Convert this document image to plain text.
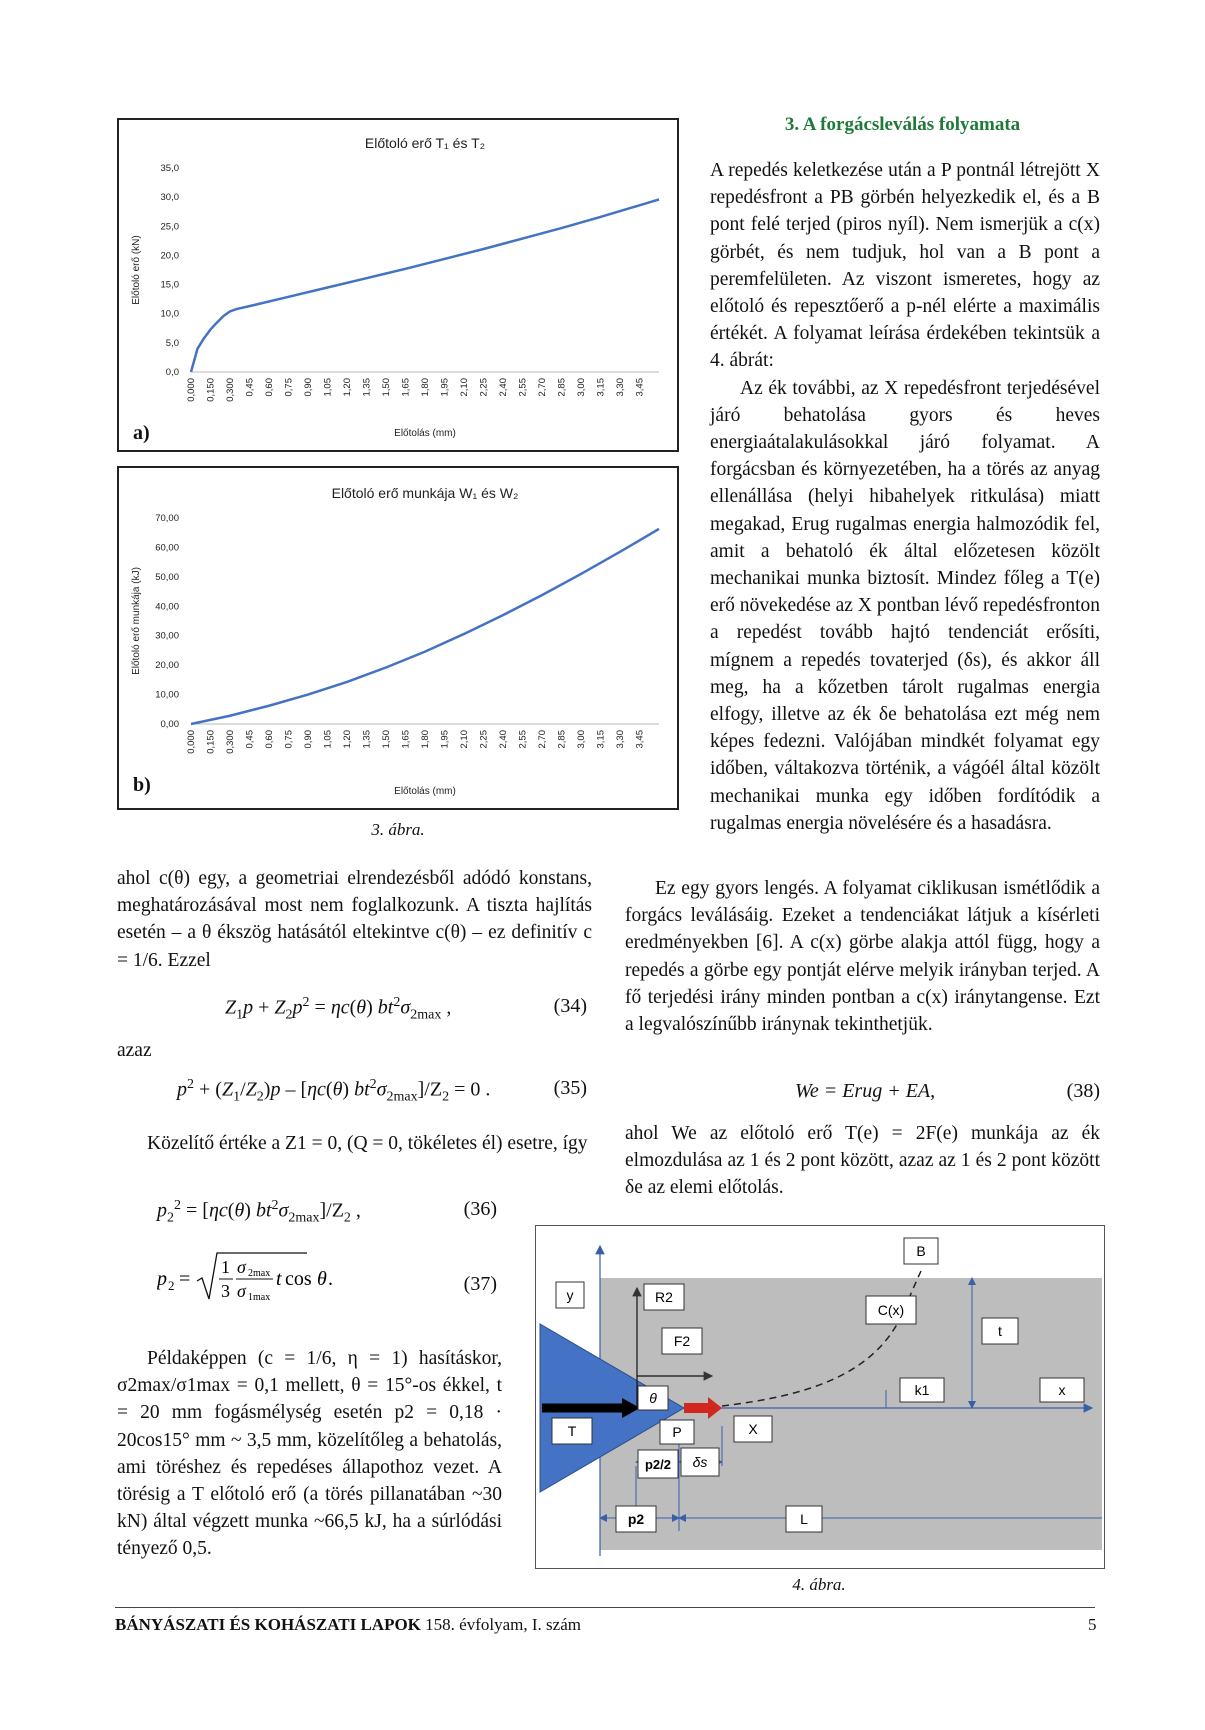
Előtoló erő T₁ és T₂
0,0
5,0
10,0
15,0
20,0
25,0
30,0
35,0
Előtoló erő (kN)
0,000 0,150 0,300 0,45 0,60 0,75 0,90 1,05 1,20 1,35 1,50 1,65 1,80 1,95 2,10 2,25 2,40 2,55 2,70 2,85 3,00 3,15 3,30 3,45
Előtolás (mm)
a)
Előtoló erő munkája W₁ és W₂
0,00
10,00
20,00
30,00
40,00
50,00
60,00
70,00
Előtoló erő munkája (kJ)
0,000 0,150 0,300 0,45 0,60 0,75 0,90 1,05 1,20 1,35 1,50 1,65 1,80 1,95 2,10 2,25 2,40 2,55 2,70 2,85 3,00 3,15 3,30 3,45
Előtolás (mm)
b)
3. ábra.
3. A forgácsleválás folyamata

A repedés keletkezése után a P pontnál létrejött X repedésfront a PB görbén helyezkedik el, és a B pont felé terjed (piros nyíl). Nem ismerjük a c(x) görbét, és nem tudjuk, hol van a B pont a peremfelületen. Az viszont ismeretes, hogy az előtoló és repesztőerő a p-nél elérte a maximális értékét. A folyamat leírása érdekében tekintsük a 4. ábrát:

Az ék további, az X repedésfront terjedésével járó behatolása gyors és heves energiaátalakulásokkal járó folyamat. A forgácsban és környezetében, ha a törés az anyag ellenállása (helyi hibahelyek ritkulása) miatt megakad, Erug rugalmas energia halmozódik fel, amit a behatoló ék által előzetesen közölt mechanikai munka biztosít. Mindez főleg a T(e) erő növekedése az X pontban lévő repedésfronton a repedést tovább hajtó tendenciát erősíti, mígnem a repedés tovaterjed (δs), és akkor áll meg, ha a kőzetben tárolt rugalmas energia elfogy, illetve az ék δe behatolása ezt még nem képes fedezni. Valójában mindkét folyamat egy időben, váltakozva történik, a vágóél által közölt mechanikai munka egy időben fordítódik a rugalmas energia növelésére és a hasadásra.

Ez egy gyors lengés. A folyamat ciklikusan ismétlődik a forgács leválásáig. Ezeket a tendenciákat látjuk a kísérleti eredményekben [6]. A c(x) görbe alakja attól függ, hogy a repedés a görbe egy pontját elérve melyik irányban terjed. A fő terjedési irány minden pontban a c(x) iránytangense. Ezt a legvalószínűbb iránynak tekinthetjük.

We = Erug + EA,	(38)

ahol We az előtoló erő T(e) = 2F(e) munkája az ék elmozdulása az 1 és 2 pont között, azaz az 1 és 2 pont között δe az elemi előtolás.

ahol c(θ) egy, a geometriai elrendezésből adódó konstans, meghatározásával most nem foglalkozunk. A tiszta hajlítás esetén – a θ ékszög hatásától eltekintve c(θ) – ez definitív c = 1/6. Ezzel

$Z_1p + Z_2p^2 = \eta c(\theta)$ $bt^2\sigma_{2max}$ ,	(34)
azaz
$p^2 + (Z_1/Z_2)p - [\eta c(\theta) bt^2\sigma_{2max}]/Z_2 = 0$ .	(35)

Közelítő értéke a Z1 = 0, (Q = 0, tökéletes él) esetre, így

$p_2^2 = [\eta c(\theta)$ $bt^2\sigma_{2max}]/Z_2$ ,	(36)
p 2 =
1
3
σ 2max
σ 1max
t cos θ .	(37)

Példaképpen (c = 1/6, η = 1) hasításkor, σ2max/σ1max = 0,1 mellett, θ = 15°-os ékkel, t = 20 mm fogásmélység esetén p2 = 0,18 · 20cos15° mm ~ 3,5 mm, közelítőleg a behatolás, ami töréshez és repedéses állapothoz vezet. A törésig a T előtoló erő (a törés pillanatában ~30 kN) által végzett munka ~66,5 kJ, ha a súrlódási tényező 0,5.

y	R2
F2
θ
T	P	X
p2/2 δs
p2	L
B
C(x)
t
k1	x
4. ábra.
BÁNYÁSZATI ÉS KOHÁSZATI LAPOK 158. évfolyam, I. szám	5
